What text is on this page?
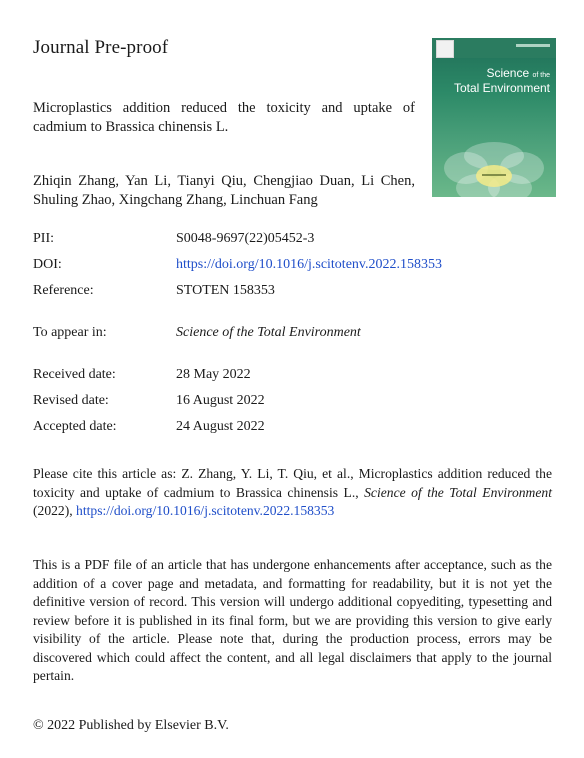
Journal Pre-proof
Science of the
Total Environment
Microplastics addition reduced the toxicity and uptake of cadmium to Brassica chinensis L.
Zhiqin Zhang, Yan Li, Tianyi Qiu, Chengjiao Duan, Li Chen, Shuling Zhao, Xingchang Zhang, Linchuan Fang
PII:	S0048-9697(22)05452-3
DOI:	https://doi.org/10.1016/j.scitotenv.2022.158353
Reference:	STOTEN 158353
To appear in:	Science of the Total Environment
Received date:	28 May 2022
Revised date:	16 August 2022
Accepted date:	24 August 2022
Please cite this article as: Z. Zhang, Y. Li, T. Qiu, et al., Microplastics addition reduced the toxicity and uptake of cadmium to Brassica chinensis L., Science of the Total Environment (2022), https://doi.org/10.1016/j.scitotenv.2022.158353
This is a PDF file of an article that has undergone enhancements after acceptance, such as the addition of a cover page and metadata, and formatting for readability, but it is not yet the definitive version of record. This version will undergo additional copyediting, typesetting and review before it is published in its final form, but we are providing this version to give early visibility of the article. Please note that, during the production process, errors may be discovered which could affect the content, and all legal disclaimers that apply to the journal pertain.
© 2022 Published by Elsevier B.V.
